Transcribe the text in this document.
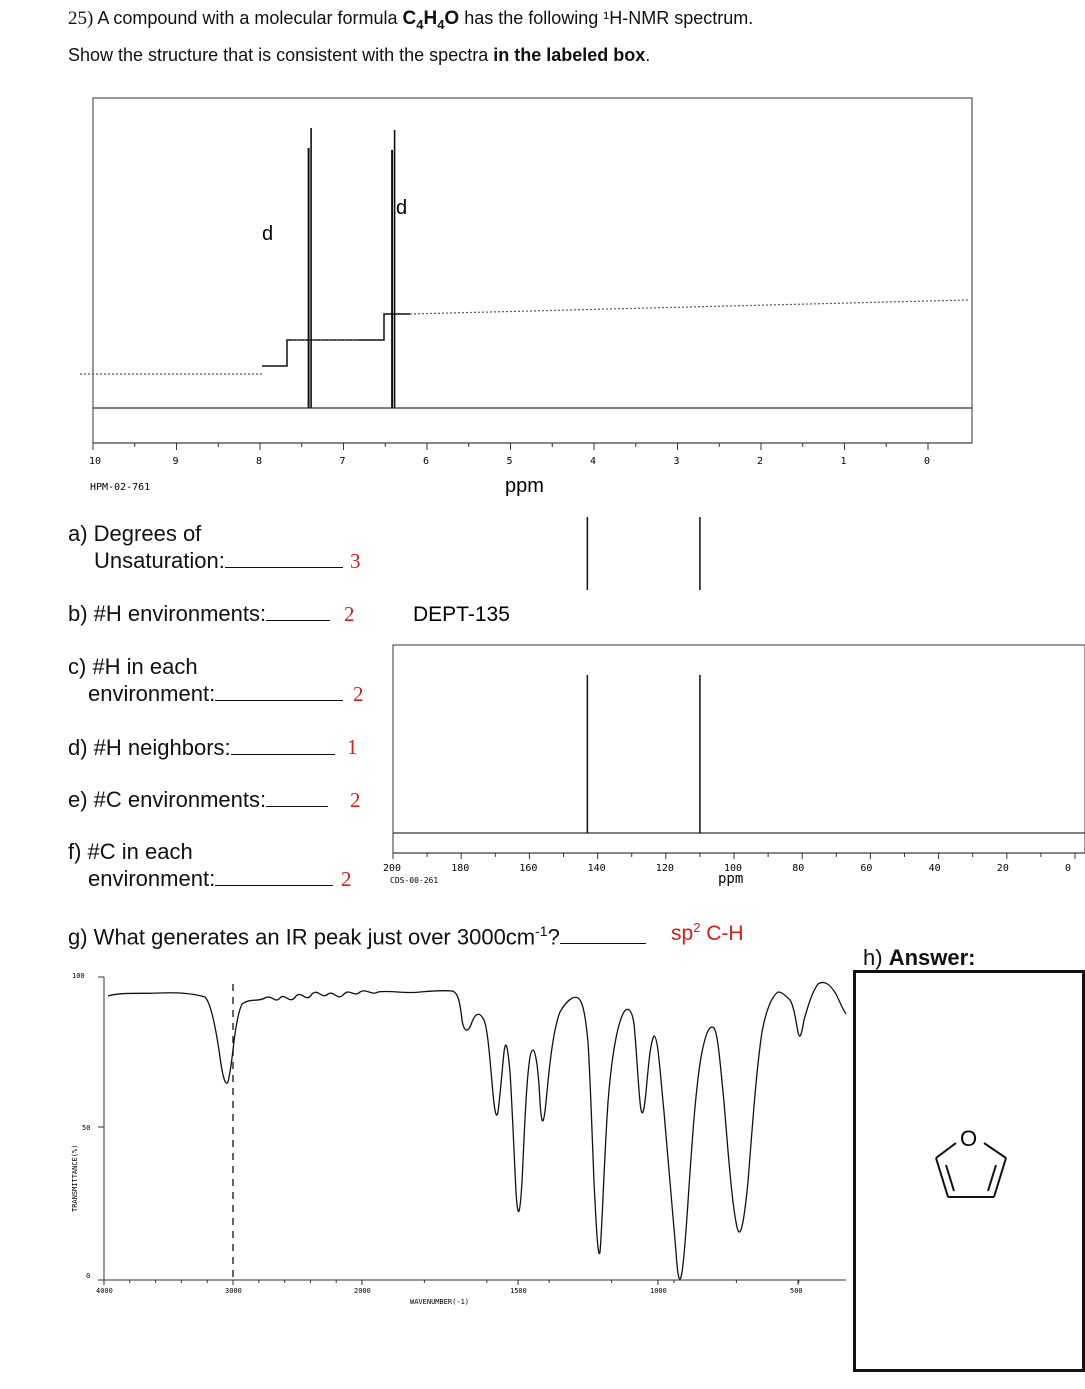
25) A compound with a molecular formula $C_4H_4O$ has the following ¹H-NMR spectrum.
Show the structure that is consistent with the spectra in the labeled box.
d
d
10	9	8	7	6	5	4	3	2	1	0
HPM-02-761	ppm
DEPT-135
200	180	160	140	120	100	80	60	40	20	0
CDS-00-261	ppm
a) Degrees of
Unsaturation:	3
b) #H environments:	2
c) #H in each
environment:	2
d) #H neighbors:	1
e) #C environments:	2
f) #C in each
environment:	2
g) What generates an IR peak just over $3000cm^{-1}$?	$sp^2$ C-H
h) Answer:
O
100
50
0
TRANSMITTANCE(%)
4000	3000	2000	1500	1000	500
WAVENUMBER(-1)
